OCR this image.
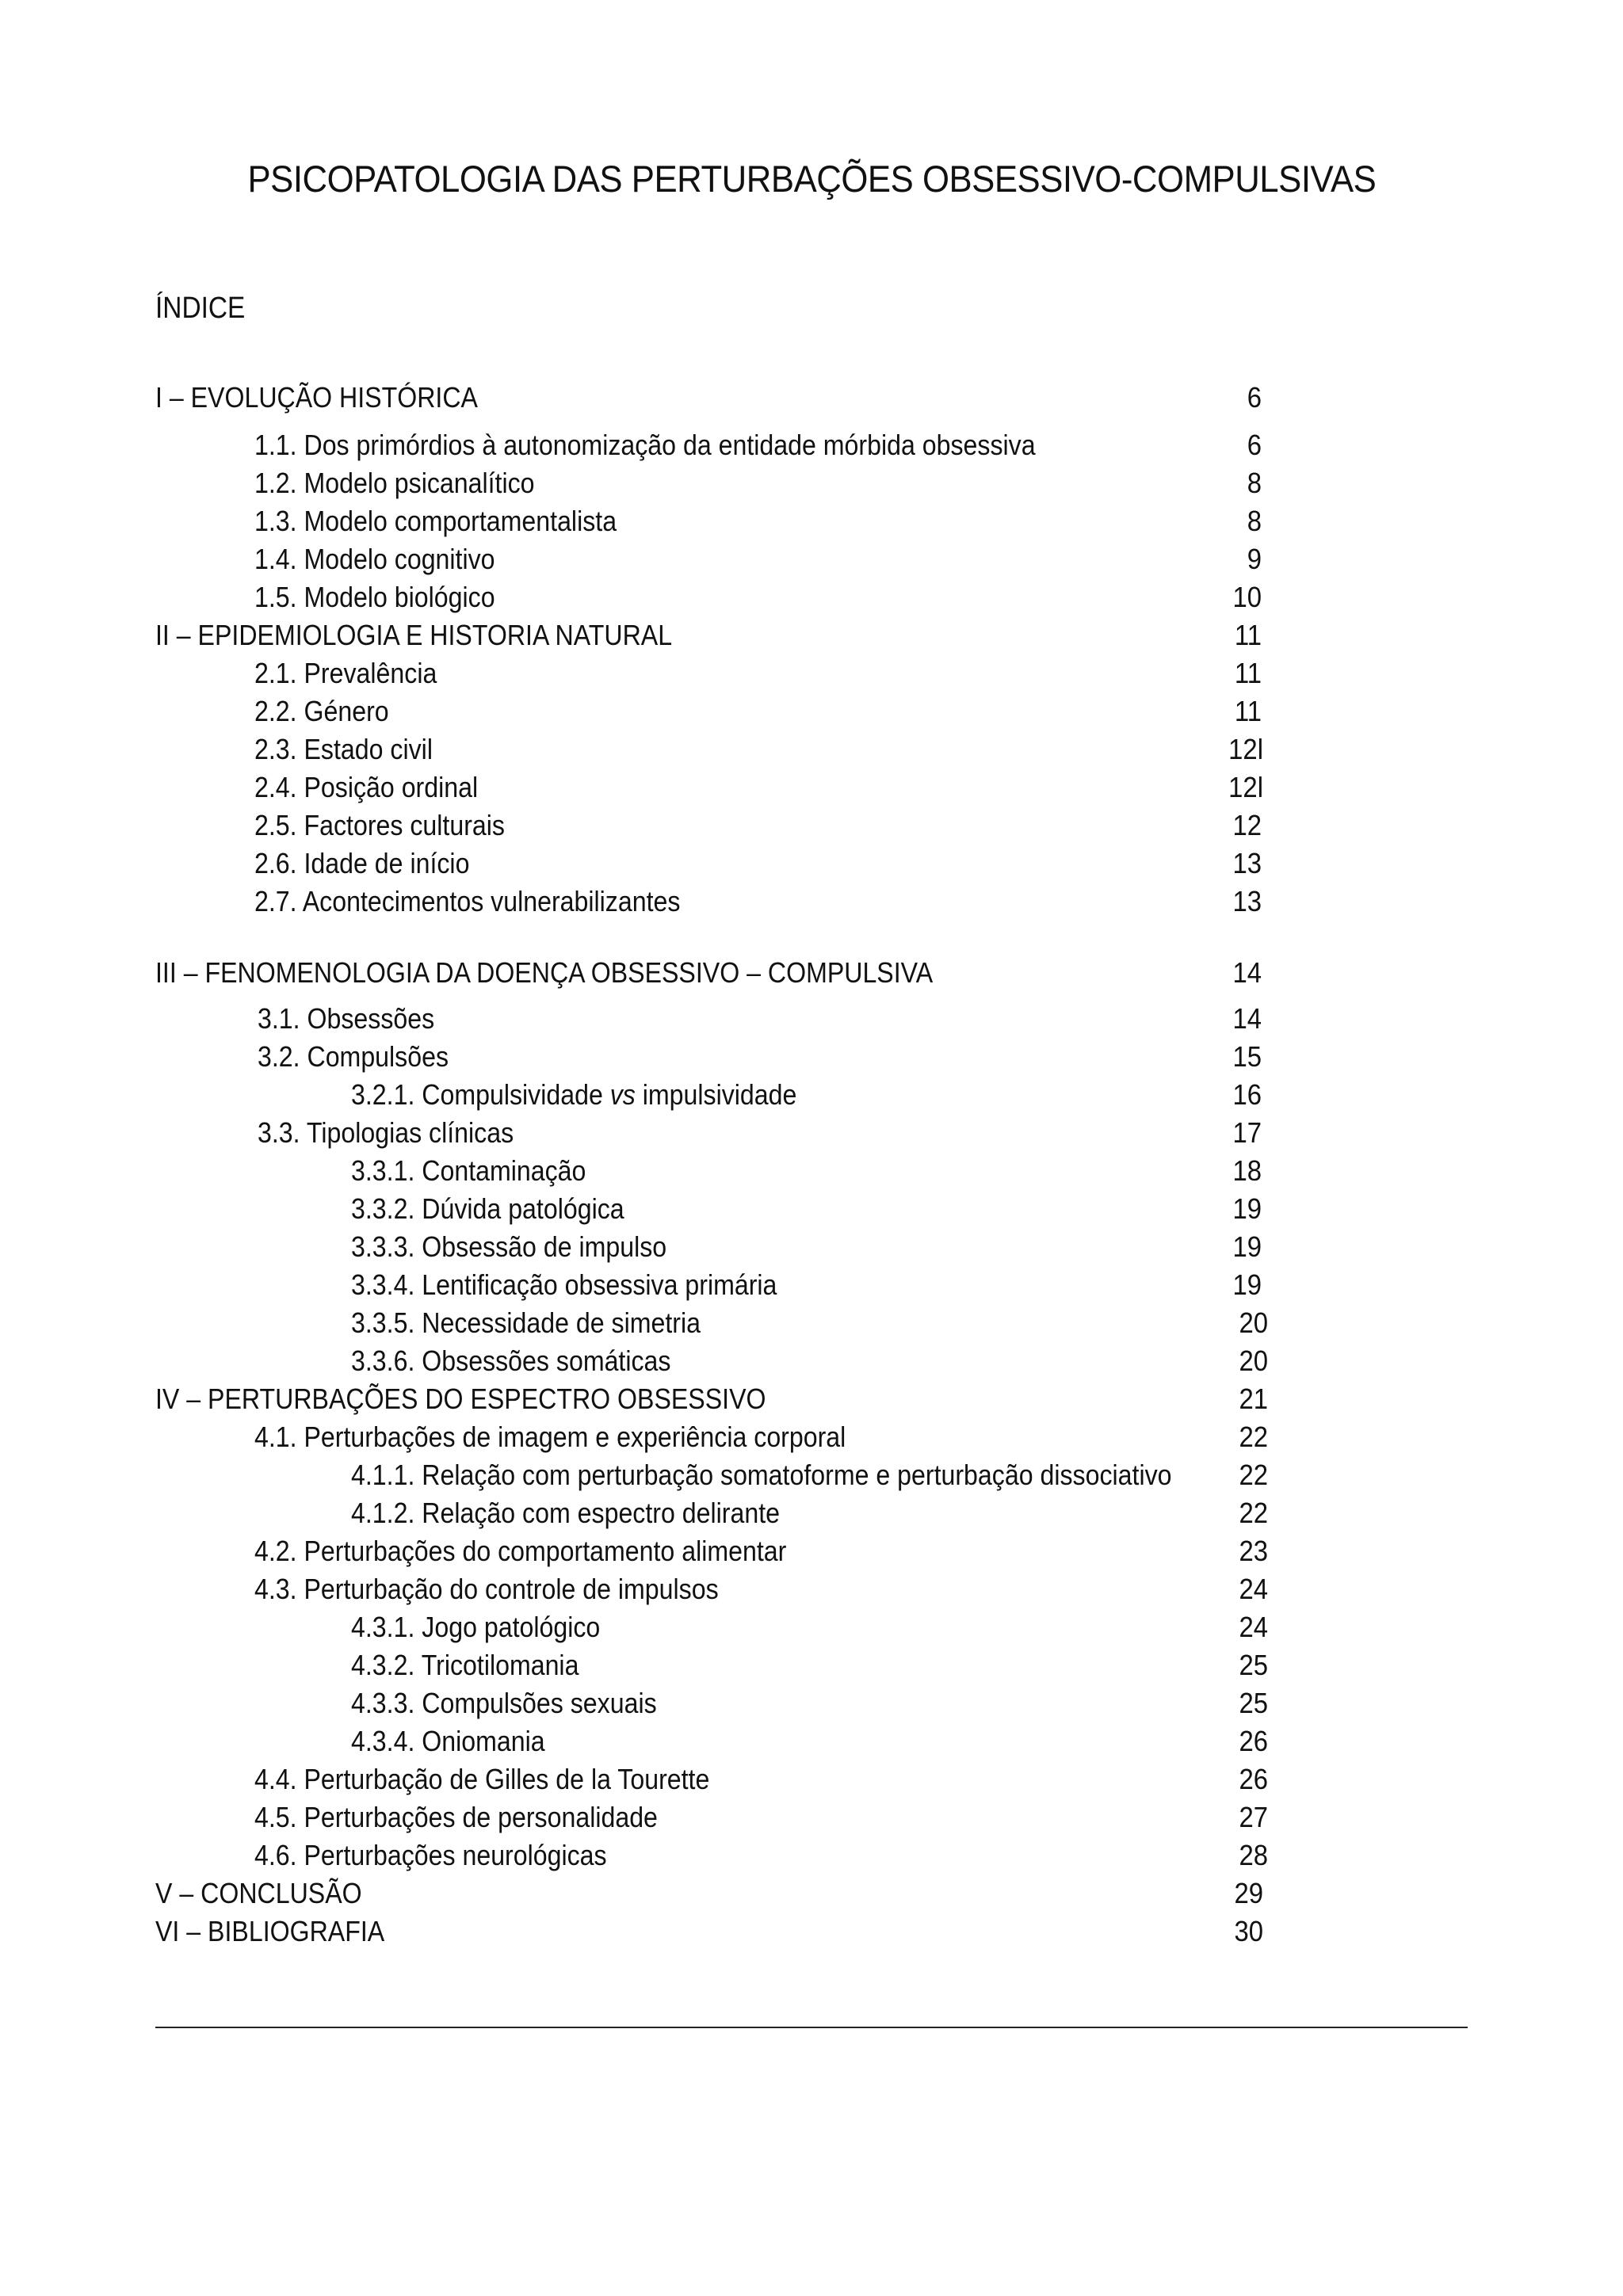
PSICOPATOLOGIA DAS PERTURBAÇÕES OBSESSIVO-COMPULSIVAS
ÍNDICE
I – EVOLUÇÃO HISTÓRICA	6
1.1. Dos primórdios à autonomização da entidade mórbida obsessiva	6
1.2. Modelo psicanalítico	8
1.3. Modelo comportamentalista	8
1.4. Modelo cognitivo	9
1.5. Modelo biológico	10
II – EPIDEMIOLOGIA E HISTORIA NATURAL	11
2.1. Prevalência	11
2.2. Género	11
2.3. Estado civil	12l
2.4. Posição ordinal	12l
2.5. Factores culturais	12
2.6. Idade de início	13
2.7. Acontecimentos vulnerabilizantes	13
III – FENOMENOLOGIA DA DOENÇA OBSESSIVO – COMPULSIVA	14
3.1. Obsessões	14
3.2. Compulsões	15
3.2.1. Compulsividade vs impulsividade	16
3.3. Tipologias clínicas	17
3.3.1. Contaminação	18
3.3.2. Dúvida patológica	19
3.3.3. Obsessão de impulso	19
3.3.4. Lentificação obsessiva primária	19
3.3.5. Necessidade de simetria	20
3.3.6. Obsessões somáticas	20
IV – PERTURBAÇÕES DO ESPECTRO OBSESSIVO	21
4.1. Perturbações de imagem e experiência corporal	22
4.1.1. Relação com perturbação somatoforme e perturbação dissociativo	22
4.1.2. Relação com espectro delirante	22
4.2. Perturbações do comportamento alimentar	23
4.3. Perturbação do controle de impulsos	24
4.3.1. Jogo patológico	24
4.3.2. Tricotilomania	25
4.3.3. Compulsões sexuais	25
4.3.4. Oniomania	26
4.4. Perturbação de Gilles de la Tourette	26
4.5. Perturbações de personalidade	27
4.6. Perturbações neurológicas	28
V – CONCLUSÃO	29
VI – BIBLIOGRAFIA	30
